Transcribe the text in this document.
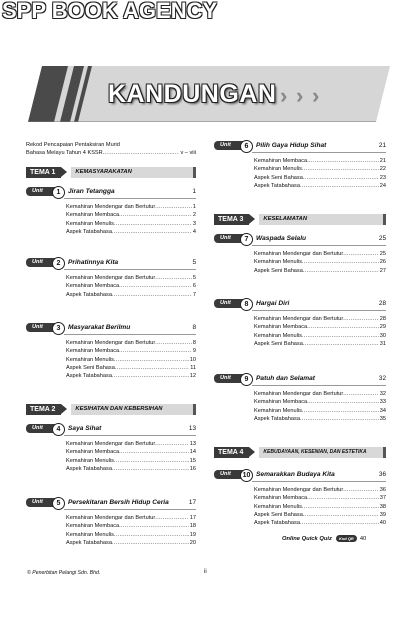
SPP BOOK AGENCY
KANDUNGAN › › ›
Rekod Pencapaian Pentaksiran Murid
Bahasa Melayu Tahun 4 KSSR .....	v – viii
TEMA 1	KEMASYARAKATAN
Unit	1	Jiran Tetangga	1
Kemahiran Mendengar dan Bertutur .....	1
Kemahiran Membaca .....	2
Kemahiran Menulis .....	3
Aspek Tatabahasa .....	4
Unit	2	Prihatinnya Kita	5
Kemahiran Mendengar dan Bertutur .....	5
Kemahiran Membaca .....	6
Aspek Tatabahasa .....	7
Unit	3	Masyarakat Berilmu	8
Kemahiran Mendengar dan Bertutur .....	8
Kemahiran Membaca .....	9
Kemahiran Menulis .....	10
Aspek Seni Bahasa .....	11
Aspek Tatabahasa .....	12
Unit	4	Saya Sihat	13
Kemahiran Mendengar dan Bertutur .....	13
Kemahiran Membaca .....	14
Kemahiran Menulis .....	15
Aspek Tatabahasa .....	16
Unit	5	Persekitaran Bersih Hidup Ceria	17
Kemahiran Mendengar dan Bertutur .....	17
Kemahiran Membaca .....	18
Kemahiran Menulis .....	19
Aspek Tatabahasa .....	20
TEMA 2	KESIHATAN DAN KEBERSIHAN
TEMA 3	KESELAMATAN
TEMA 4	KEBUDAYAAN, KESENIAN, DAN ESTETIKA
Unit	6	Pilih Gaya Hidup Sihat	21
Kemahiran Membaca .....	21
Kemahiran Menulis .....	22
Aspek Seni Bahasa .....	23
Aspek Tatabahasa .....	24
Unit	7	Waspada Selalu	25
Kemahiran Mendengar dan Bertutur .....	25
Kemahiran Menulis .....	26
Aspek Seni Bahasa .....	27
Unit	8	Hargai Diri	28
Kemahiran Mendengar dan Bertutur .....	28
Kemahiran Membaca .....	29
Kemahiran Menulis .....	30
Aspek Seni Bahasa .....	31
Unit	9	Patuh dan Selamat	32
Kemahiran Mendengar dan Bertutur .....	32
Kemahiran Membaca .....	33
Kemahiran Menulis .....	34
Aspek Tatabahasa .....	35
Unit	10 Semarakkan Budaya Kita	36
Kemahiran Mendengar dan Bertutur .....	36
Kemahiran Membaca .....	37
Kemahiran Menulis .....	38
Aspek Seni Bahasa .....	39
Aspek Tatabahasa .....	40
Online Quick Quiz	Kod QR	40
© Penerbitan Pelangi Sdn. Bhd.	ii
